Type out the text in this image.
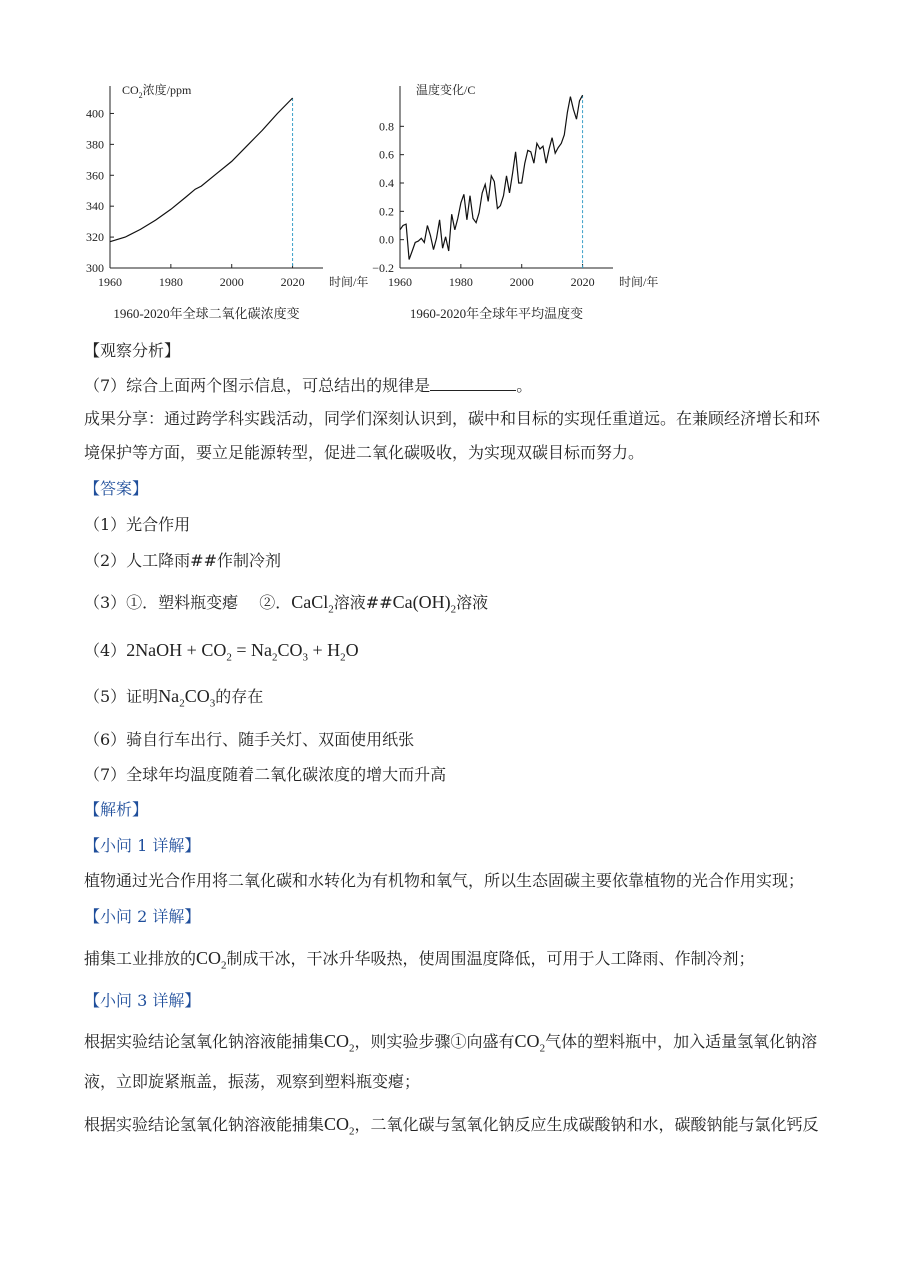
300
320
340
360
380
400
1960	1980	2000	2020 时间/年
$CO_2$浓度/ppm
1960-2020年全球二氧化碳浓度变
−0.2
0.0
0.2
0.4
0.6
0.8
1960	1980	2000	2020 时间/年
温度变化/C
1960-2020年全球年平均温度变
【观察分析】
（7）综合上面两个图示信息，可总结出的规律是	。
成果分享：通过跨学科实践活动，同学们深刻认识到，碳中和目标的实现任重道远。在兼顾经济增长和环
境保护等方面，要立足能源转型，促进二氧化碳吸收，为实现双碳目标而努力。
【答案】
（1）光合作用
（2）人工降雨##作制冷剂
（3）①．塑料瓶变瘪　 ②．CaCl$_2$溶液$\#\#Ca(OH)_2$溶液
（4）2NaOH + $CO_2 = Na_2CO_3 + H_2O$
（5）证明$Na_2CO_3$的存在
（6）骑自行车出行、随手关灯、双面使用纸张
（7）全球年均温度随着二氧化碳浓度的增大而升高
【解析】
【小问 1 详解】
植物通过光合作用将二氧化碳和水转化为有机物和氧气，所以生态固碳主要依靠植物的光合作用实现；
【小问 2 详解】
捕集工业排放的$CO_2$制成干冰，干冰升华吸热，使周围温度降低，可用于人工降雨、作制冷剂；
【小问 3 详解】
根据实验结论氢氧化钠溶液能捕集$CO_2$，则实验步骤①向盛有$CO_2$气体的塑料瓶中，加入适量氢氧化钠溶
液，立即旋紧瓶盖，振荡，观察到塑料瓶变瘪；
根据实验结论氢氧化钠溶液能捕集$CO_2$，二氧化碳与氢氧化钠反应生成碳酸钠和水，碳酸钠能与氯化钙反
